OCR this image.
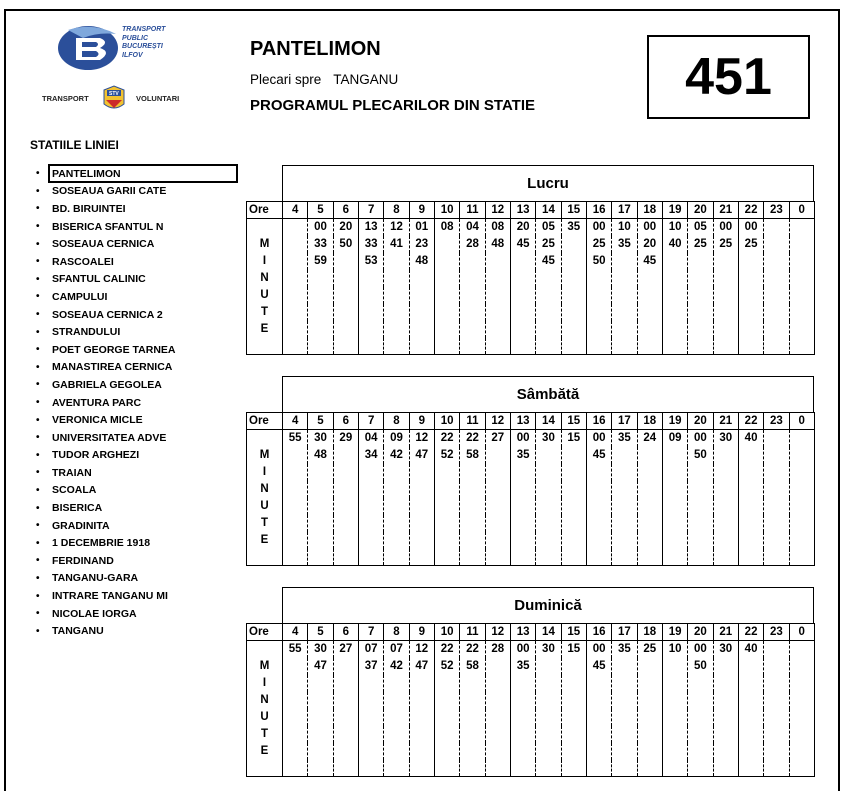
TRANSPORT
PUBLIC
BUCUREȘTI
ILFOV
TRANSPORT	VOLUNTARI
STV
PANTELIMON
Plecari spre TANGANU
PROGRAMUL PLECARILOR DIN STATIE	451
STATIILE LINIEI
•	PANTELIMON
•	SOSEAUA GARII CATE
•	BD. BIRUINTEI
•	BISERICA SFANTUL N
•	SOSEAUA CERNICA
•	RASCOALEI
•	SFANTUL CALINIC
•	CAMPULUI
•	SOSEAUA CERNICA 2
•	STRANDULUI
•	POET GEORGE TARNEA
•	MANASTIREA CERNICA
•	GABRIELA GEGOLEA
•	AVENTURA PARC
•	VERONICA MICLE
•	UNIVERSITATEA ADVE
•	TUDOR ARGHEZI
•	TRAIAN
•	SCOALA
•	BISERICA
•	GRADINITA
•	1 DECEMBRIE 1918
•	FERDINAND
•	TANGANU-GARA
•	INTRARE TANGANU MI
•	NICOLAE IORGA
•	TANGANU
Lucru
Ore	4	5	6	7	8	9	10	11	12	13	14	15	16	17	18	19	20	21	22	23	0
		00	20	13	12	01	08	04	08	20	05	35	00	10	00	10	05	00	00		
M		33	50	33	41	23		28	48	45	25		25	35	20	40	25	25	25		
I		59		53		48					45		50		45						
N																					
U																					
T																					
E																					

Sâmbătă
Ore	4	5	6	7	8	9	10	11	12	13	14	15	16	17	18	19	20	21	22	23	0
	55	30	29	04	09	12	22	22	27	00	30	15	00	35	24	09	00	30	40		
M		48		34	42	47	52	58		35			45				50				
I																					
N																					
U																					
T																					
E																					

Duminică
Ore	4	5	6	7	8	9	10	11	12	13	14	15	16	17	18	19	20	21	22	23	0
	55	30	27	07	07	12	22	22	28	00	30	15	00	35	25	10	00	30	40		
M		47		37	42	47	52	58		35			45				50				
I																					
N																					
U																					
T																					
E																					
